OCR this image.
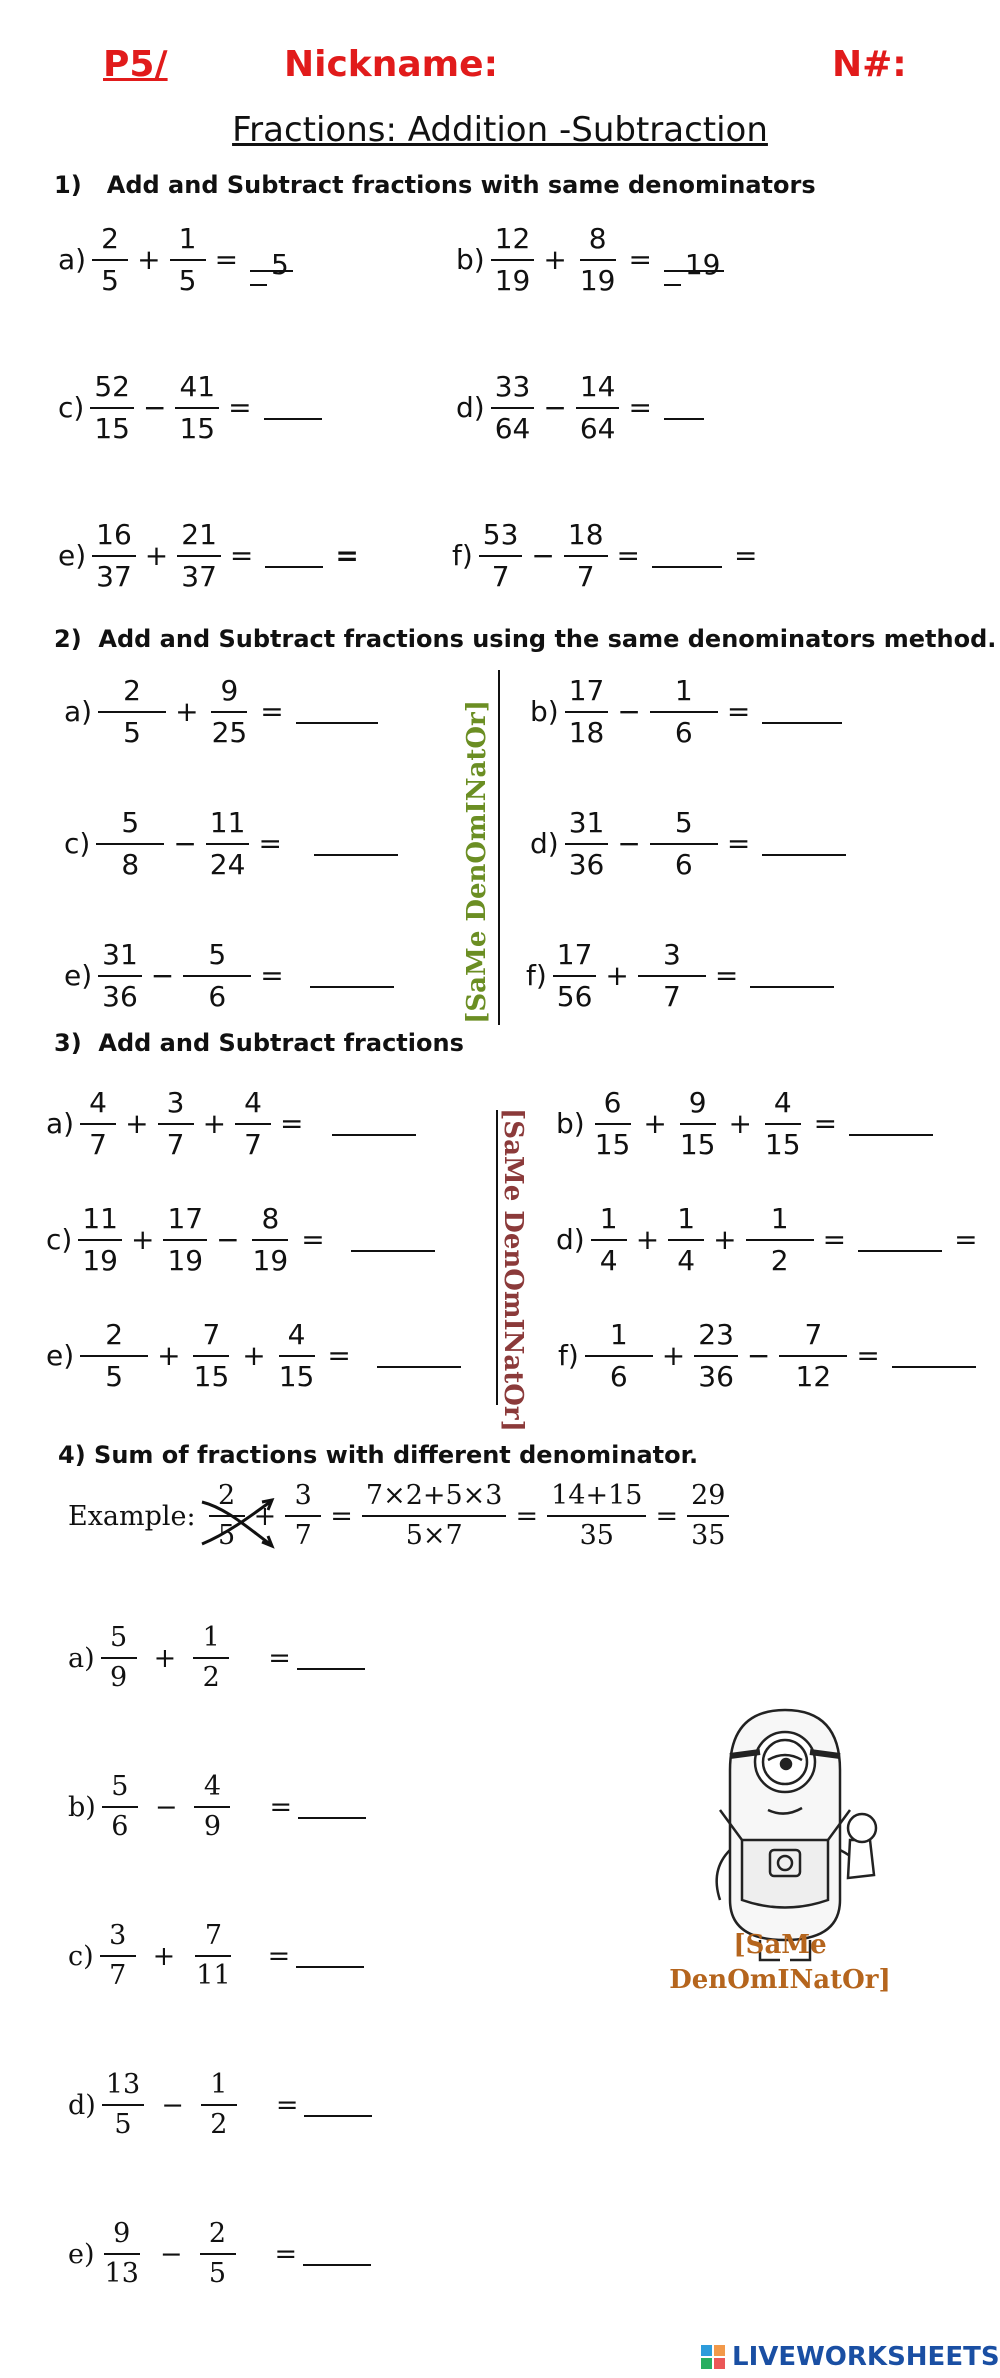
P5/	Nickname:	N#:
Fractions: Addition -Subtraction
1) Add and Subtract fractions with same denominators
$a) \frac{2}{5} + \frac{1}{5}$ =	5	$b) \frac{12}{19} + \frac{8}{19}$ =	19
$c) \frac{52}{15} - \frac{41}{15}$ =	$d) \frac{33}{64} - \frac{14}{64}$ =
$e) \frac{16}{37} + \frac{21}{37}$ =	=	$f) \frac{53}{7} - \frac{18}{7}$ =	=
2) Add and Subtract fractions using the same denominators method.
$a) \frac{2}{5} + \frac{9}{25}$ =	$b) \frac{17}{18} - \frac{1}{6}$ =
$c) \frac{5}{8} - \frac{11}{24}$ =	$d) \frac{31}{36} - \frac{5}{6}$ =
$e) \frac{31}{36} - \frac{5}{6}$ =	$f) \frac{17}{56} + \frac{3}{7}$ =
[SaMe DenOmINatOr]
3) Add and Subtract fractions
$a) \frac{4}{7} + \frac{3}{7} + \frac{4}{7}$ =	$b) \frac{6}{15} + \frac{9}{15} + \frac{4}{15}$ =
$c) \frac{11}{19} + \frac{17}{19} - \frac{8}{19}$ =	$d) \frac{1}{4} + \frac{1}{4} + \frac{1}{2}$ =	=
$e) \frac{2}{5} + \frac{7}{15} + \frac{4}{15}$ =	$f) \frac{1}{6} + \frac{23}{36} - \frac{7}{12}$ =
[SaMe DenOmINatOr]
4) Sum of fractions with different denominator.
Example: $\frac{2}{5} + \frac{3}{7} = \frac{7\times 2+5\times 3}{5\times 7} = \frac{14+15}{35} = \frac{29}{35}$
$a) \frac{5}{9} + \frac{1}{2}$ =
$b) \frac{5}{6} - \frac{4}{9}$ =
$c) \frac{3}{7} + \frac{7}{11}$ =
$d) \frac{13}{5} - \frac{1}{2}$ =
$e) \frac{9}{13} - \frac{2}{5}$ =
[SaMe
DenOmINatOr]
LIVEWORKSHEETS
